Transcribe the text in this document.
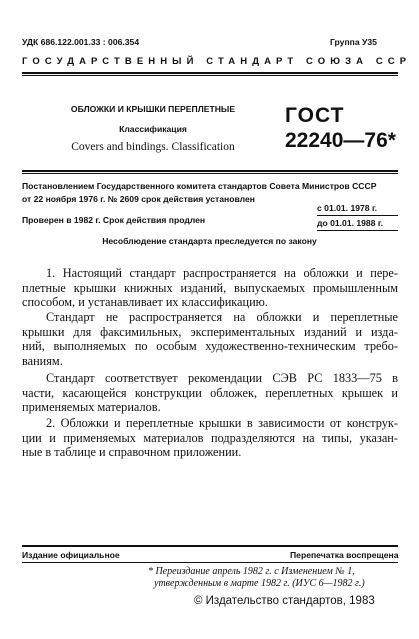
УДК 686.122.001.33 : 006.354	Группа У35
ГОСУДАРСТВЕННЫЙ СТАНДАРТ СОЮЗА ССР
ОБЛОЖКИ И КРЫШКИ ПЕРЕПЛЕТНЫЕ
Классификация
Covers and bindings. Classification
ГОСТ
22240—76*
Постановлением Государственного комитета стандартов Совета Министров СССР
от 22 ноября 1976 г. № 2609 срок действия установлен
с 01.01. 1978 г.
Проверен в 1982 г. Срок действия продлен	до 01.01. 1988 г.
Несоблюдение стандарта преследуется по закону
1. Настоящий стандарт распространяется на обложки и пере-
плетные крышки книжных изданий, выпускаемых промышленным
способом, и устанавливает их классификацию.
Стандарт не распространяется на обложки и переплетные
крышки для факсимильных, экспериментальных изданий и изда-
ний, выполняемых по особым художественно-техническим требо-
ваниям.
Стандарт соответствует рекомендации СЭВ РС 1833—75 в
части, касающейся конструкции обложек, переплетных крышек и
применяемых материалов.
2. Обложки и переплетные крышки в зависимости от конструк-
ции и применяемых материалов подразделяются на типы, указан-
ные в таблице и справочном приложении.
Издание официальное	Перепечатка воспрещена
* Переиздание апрель 1982 г. с Изменением № 1,
утвержденным в марте 1982 г. (ИУС 6—1982 г.)
© Издательство стандартов, 1983
